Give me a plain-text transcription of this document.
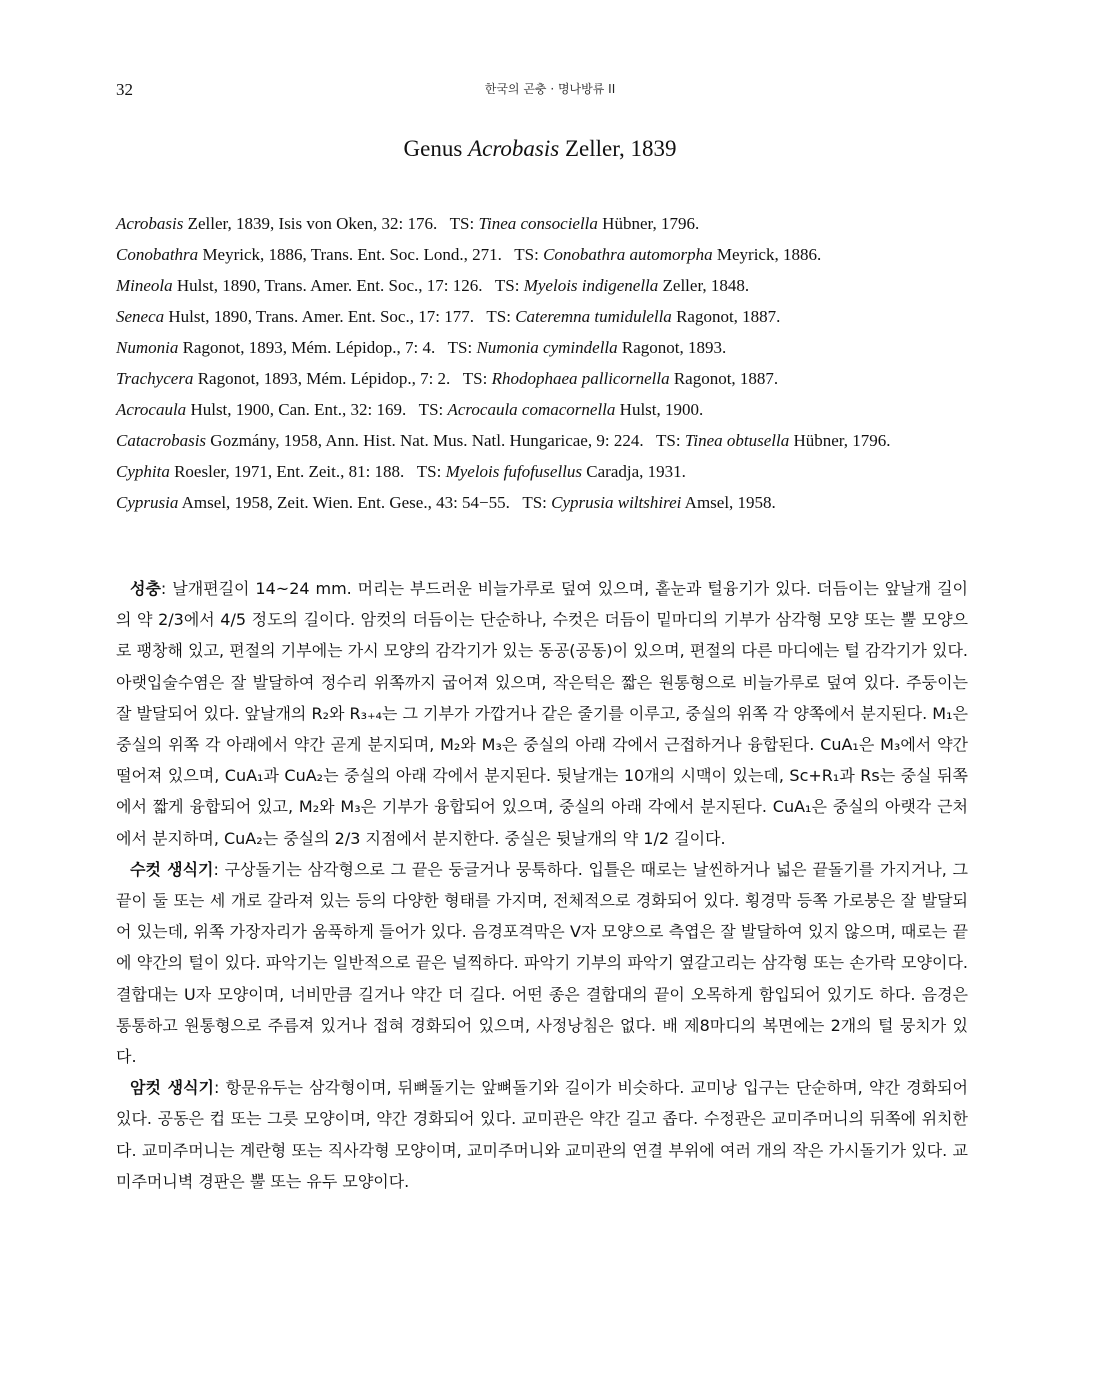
32	한국의 곤충 · 명나방류 II
Genus Acrobasis Zeller, 1839

Acrobasis Zeller, 1839, Isis von Oken, 32: 176.   TS: Tinea consociella Hübner, 1796.

Conobathra Meyrick, 1886, Trans. Ent. Soc. Lond., 271.   TS: Conobathra automorpha Meyrick, 1886.

Mineola Hulst, 1890, Trans. Amer. Ent. Soc., 17: 126.   TS: Myelois indigenella Zeller, 1848.

Seneca Hulst, 1890, Trans. Amer. Ent. Soc., 17: 177.   TS: Cateremna tumidulella Ragonot, 1887.

Numonia Ragonot, 1893, Mém. Lépidop., 7: 4.   TS: Numonia cymindella Ragonot, 1893.

Trachycera Ragonot, 1893, Mém. Lépidop., 7: 2.   TS: Rhodophaea pallicornella Ragonot, 1887.

Acrocaula Hulst, 1900, Can. Ent., 32: 169.   TS: Acrocaula comacornella Hulst, 1900.

Catacrobasis Gozmány, 1958, Ann. Hist. Nat. Mus. Natl. Hungaricae, 9: 224.   TS: Tinea obtusella Hübner, 1796.

Cyphita Roesler, 1971, Ent. Zeit., 81: 188.   TS: Myelois fufofusellus Caradja, 1931.

Cyprusia Amsel, 1958, Zeit. Wien. Ent. Gese., 43: 54−55.   TS: Cyprusia wiltshirei Amsel, 1958.

성충: 날개편길이 14~24 mm. 머리는 부드러운 비늘가루로 덮여 있으며, 홑눈과 털융기가 있다. 더듬이는 앞날개 길이의 약 2/3에서 4/5 정도의 길이다. 암컷의 더듬이는 단순하나, 수컷은 더듬이 밑마디의 기부가 삼각형 모양 또는 뿔 모양으로 팽창해 있고, 편절의 기부에는 가시 모양의 감각기가 있는 동공(공동)이 있으며, 편절의 다른 마디에는 털 감각기가 있다. 아랫입술수염은 잘 발달하여 정수리 위쪽까지 굽어져 있으며, 작은턱은 짧은 원통형으로 비늘가루로 덮여 있다. 주둥이는 잘 발달되어 있다. 앞날개의 R₂와 R₃₊₄는 그 기부가 가깝거나 같은 줄기를 이루고, 중실의 위쪽 각 양쪽에서 분지된다. M₁은 중실의 위쪽 각 아래에서 약간 곧게 분지되며, M₂와 M₃은 중실의 아래 각에서 근접하거나 융합된다. CuA₁은 M₃에서 약간 떨어져 있으며, CuA₁과 CuA₂는 중실의 아래 각에서 분지된다. 뒷날개는 10개의 시맥이 있는데, Sc+R₁과 Rs는 중실 뒤쪽에서 짧게 융합되어 있고, M₂와 M₃은 기부가 융합되어 있으며, 중실의 아래 각에서 분지된다. CuA₁은 중실의 아랫각 근처에서 분지하며, CuA₂는 중실의 2/3 지점에서 분지한다. 중실은 뒷날개의 약 1/2 길이다.

수컷 생식기: 구상돌기는 삼각형으로 그 끝은 둥글거나 뭉툭하다. 입틀은 때로는 날씬하거나 넓은 끝돌기를 가지거나, 그 끝이 둘 또는 세 개로 갈라져 있는 등의 다양한 형태를 가지며, 전체적으로 경화되어 있다. 횡경막 등쪽 가로붕은 잘 발달되어 있는데, 위쪽 가장자리가 움푹하게 들어가 있다. 음경포격막은 V자 모양으로 측엽은 잘 발달하여 있지 않으며, 때로는 끝에 약간의 털이 있다. 파악기는 일반적으로 끝은 널찍하다. 파악기 기부의 파악기 옆갈고리는 삼각형 또는 손가락 모양이다. 결합대는 U자 모양이며, 너비만큼 길거나 약간 더 길다. 어떤 종은 결합대의 끝이 오목하게 함입되어 있기도 하다. 음경은 통통하고 원통형으로 주름져 있거나 접혀 경화되어 있으며, 사정낭침은 없다. 배 제8마디의 복면에는 2개의 털 뭉치가 있다.

암컷 생식기: 항문유두는 삼각형이며, 뒤뼈돌기는 앞뼈돌기와 길이가 비슷하다. 교미낭 입구는 단순하며, 약간 경화되어 있다. 공동은 컵 또는 그릇 모양이며, 약간 경화되어 있다. 교미관은 약간 길고 좁다. 수정관은 교미주머니의 뒤쪽에 위치한다. 교미주머니는 계란형 또는 직사각형 모양이며, 교미주머니와 교미관의 연결 부위에 여러 개의 작은 가시돌기가 있다. 교미주머니벽 경판은 뿔 또는 유두 모양이다.
